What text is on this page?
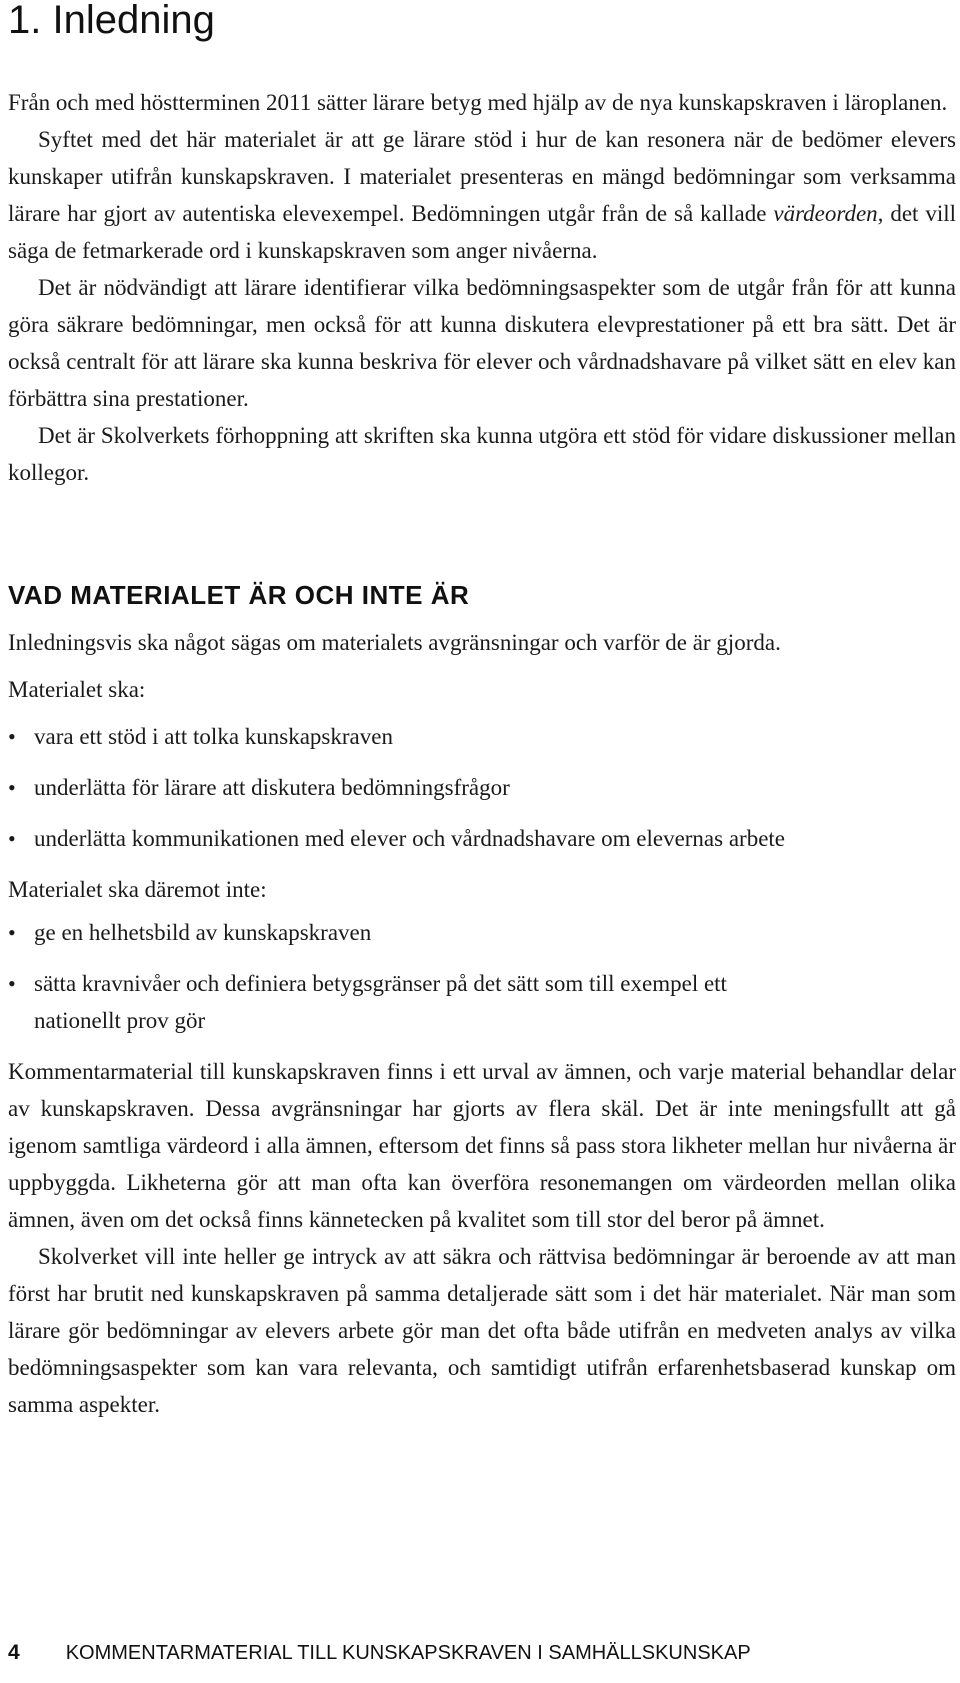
1. Inledning

Från och med höstterminen 2011 sätter lärare betyg med hjälp av de nya kunskapskraven i läroplanen.

Syftet med det här materialet är att ge lärare stöd i hur de kan resonera när de bedömer elevers kunskaper utifrån kunskapskraven. I materialet presenteras en mängd bedömningar som verksamma lärare har gjort av autentiska elevexempel. Bedömningen utgår från de så kallade värdeorden, det vill säga de fetmarkerade ord i kunskapskraven som anger nivåerna.

Det är nödvändigt att lärare identifierar vilka bedömningsaspekter som de utgår från för att kunna göra säkrare bedömningar, men också för att kunna diskutera elevprestationer på ett bra sätt. Det är också centralt för att lärare ska kunna beskriva för elever och vårdnadshavare på vilket sätt en elev kan förbättra sina prestationer.

Det är Skolverkets förhoppning att skriften ska kunna utgöra ett stöd för vidare diskussioner mellan kollegor.

VAD MATERIALET ÄR OCH INTE ÄR

Inledningsvis ska något sägas om materialets avgränsningar och varför de är gjorda.

Materialet ska:

• vara ett stöd i att tolka kunskapskraven
• underlätta för lärare att diskutera bedömningsfrågor
• underlätta kommunikationen med elever och vårdnadshavare om elevernas arbete

Materialet ska däremot inte:

• ge en helhetsbild av kunskapskraven
• sätta kravnivåer och definiera betygsgränser på det sätt som till exempel ett nationellt prov gör

Kommentarmaterial till kunskapskraven finns i ett urval av ämnen, och varje material behandlar delar av kunskapskraven. Dessa avgränsningar har gjorts av flera skäl. Det är inte meningsfullt att gå igenom samtliga värdeord i alla ämnen, eftersom det finns så pass stora likheter mellan hur nivåerna är uppbyggda. Likheterna gör att man ofta kan överföra resonemangen om värdeorden mellan olika ämnen, även om det också finns kännetecken på kvalitet som till stor del beror på ämnet.

Skolverket vill inte heller ge intryck av att säkra och rättvisa bedömningar är beroende av att man först har brutit ned kunskapskraven på samma detaljerade sätt som i det här materialet. När man som lärare gör bedömningar av elevers arbete gör man det ofta både utifrån en medveten analys av vilka bedömningsaspekter som kan vara relevanta, och samtidigt utifrån erfarenhetsbaserad kunskap om samma aspekter.

4 KOMMENTARMATERIAL TILL KUNSKAPSKRAVEN I SAMHÄLLSKUNSKAP
